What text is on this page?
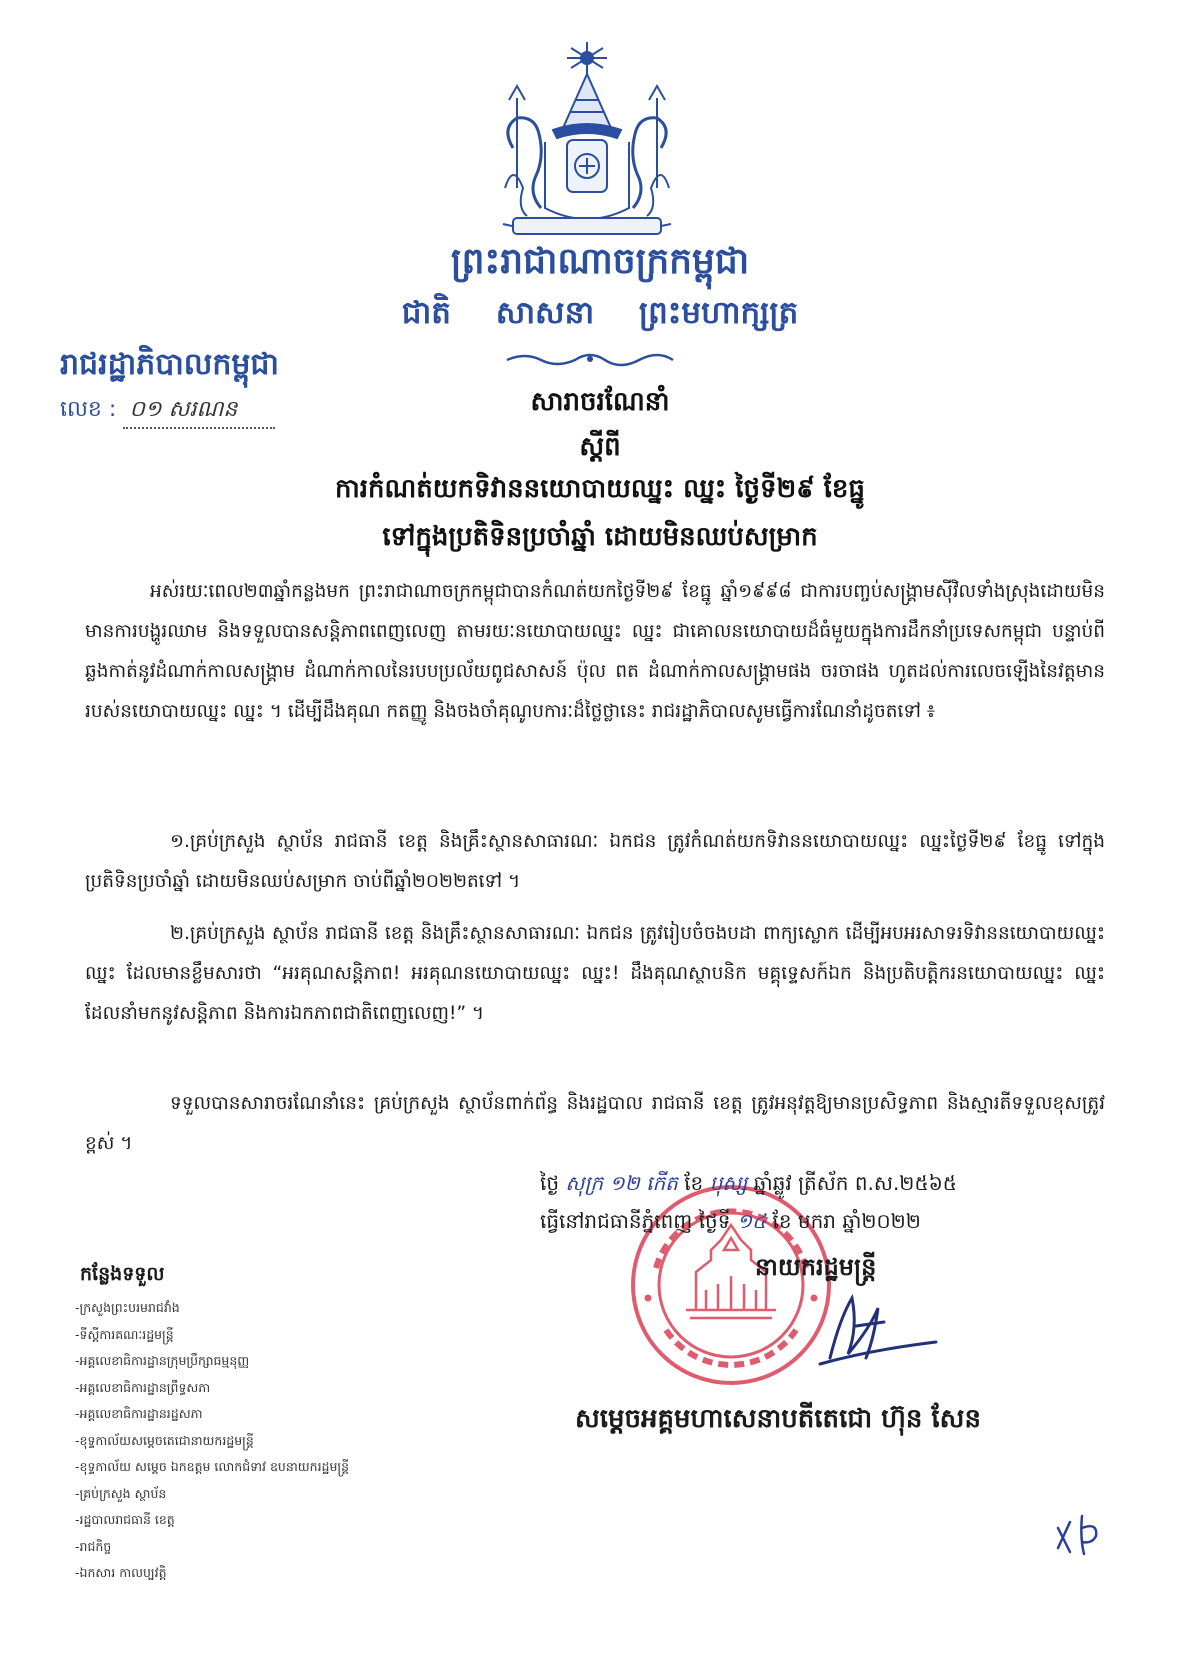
ព្រះរាជាណាចក្រកម្ពុជា
ជាតិ សាសនា ព្រះមហាក្សត្រ
រាជរដ្ឋាភិបាលកម្ពុជា
លេខ : ០១ សរណន	សារាចរណែនាំ
ស្តីពី
ការកំណត់យកទិវាននយោបាយឈ្នះ ឈ្នះ ថ្ងៃទី២៩ ខែធ្នូ
ទៅក្នុងប្រតិទិនប្រចាំឆ្នាំ ដោយមិនឈប់សម្រាក
អស់រយៈពេល២៣ឆ្នាំកន្លងមក ព្រះរាជាណាចក្រកម្ពុជាបានកំណត់យកថ្ងៃទី២៩ ខែធ្នូ ឆ្នាំ១៩៩៨ ជាការបញ្ចប់សង្គ្រាមស៊ីវិលទាំងស្រុងដោយមិនមានការបង្ហូរឈាម និងទទួលបានសន្តិភាពពេញលេញ តាមរយៈនយោបាយឈ្នះ ឈ្នះ ជាគោលនយោបាយដ៏ធំមួយក្នុងការដឹកនាំប្រទេសកម្ពុជា បន្ទាប់ពីឆ្លងកាត់នូវដំណាក់កាលសង្គ្រាម ដំណាក់កាលនៃរបបប្រល័យពូជសាសន៍ ប៉ុល ពត ដំណាក់កាលសង្គ្រាមផង ចរចាផង ហូតដល់ការលេចឡើងនៃវត្តមានរបស់នយោបាយឈ្នះ ឈ្នះ ។ ដើម្បីដឹងគុណ កតញ្ញូ និងចងចាំគុណូបការៈដ៏ថ្លៃថ្លានេះ រាជរដ្ឋាភិបាលសូមធ្វើការណែនាំដូចតទៅ ៖
១.គ្រប់ក្រសួង ស្ថាប័ន រាជធានី ខេត្ត និងគ្រឹះស្ថានសាធារណៈ ឯកជន ត្រូវកំណត់យកទិវាននយោបាយឈ្នះ ឈ្នះថ្ងៃទី២៩ ខែធ្នូ ទៅក្នុងប្រតិទិនប្រចាំឆ្នាំ ដោយមិនឈប់សម្រាក ចាប់ពីឆ្នាំ២០២២តទៅ ។
២.គ្រប់ក្រសួង ស្ថាប័ន រាជធានី ខេត្ត និងគ្រឹះស្ថានសាធារណៈ ឯកជន ត្រូវរៀបចំចងបដា ពាក្យស្លោក ដើម្បីអបអរសាទរទិវាននយោបាយឈ្នះ ឈ្នះ ដែលមានខ្លឹមសារថា “អរគុណសន្តិភាព! អរគុណនយោបាយឈ្នះ ឈ្នះ! ដឹងគុណស្ថាបនិក មគ្គុទ្ទេសក៍ឯក និងប្រតិបត្តិករនយោបាយឈ្នះ ឈ្នះ ដែលនាំមកនូវសន្តិភាព និងការឯកភាពជាតិពេញលេញ!” ។
ទទួលបានសារាចរណែនាំនេះ គ្រប់ក្រសួង ស្ថាប័នពាក់ព័ន្ធ និងរដ្ឋបាល រាជធានី ខេត្ត ត្រូវអនុវត្តឱ្យមានប្រសិទ្ធភាព និងស្មារតីទទួលខុសត្រូវខ្ពស់ ។
ថ្ងៃ សុក្រ ១២ កើត ខែ បុស្ស ឆ្នាំឆ្លូវ ត្រីស័ក ព.ស.២៥៦៥
ធ្វើនៅរាជធានីភ្នំពេញ ថ្ងៃទី ១៤ ខែ មករា ឆ្នាំ២០២២
នាយករដ្ឋមន្ត្រី
សម្តេចអគ្គមហាសេនាបតីតេជោ ហ៊ុន សែន
កន្លែងទទួល
-ក្រសួងព្រះបរមរាជវាំង
-ទីស្តីការគណៈរដ្ឋមន្ត្រី
-អគ្គលេខាធិការដ្ឋានក្រុមប្រឹក្សាធម្មនុញ្ញ
-អគ្គលេខាធិការដ្ឋានព្រឹទ្ធសភា
-អគ្គលេខាធិការដ្ឋានរដ្ឋសភា
-ខុទ្ទកាល័យសម្តេចតេជោនាយករដ្ឋមន្ត្រី
-ខុទ្ទកាល័យ សម្តេច ឯកឧត្តម លោកជំទាវ ឧបនាយករដ្ឋមន្ត្រី
-គ្រប់ក្រសួង ស្ថាប័ន
-រដ្ឋបាលរាជធានី ខេត្ត
-រាជកិច្ច
-ឯកសារ កាលប្បវត្តិ
